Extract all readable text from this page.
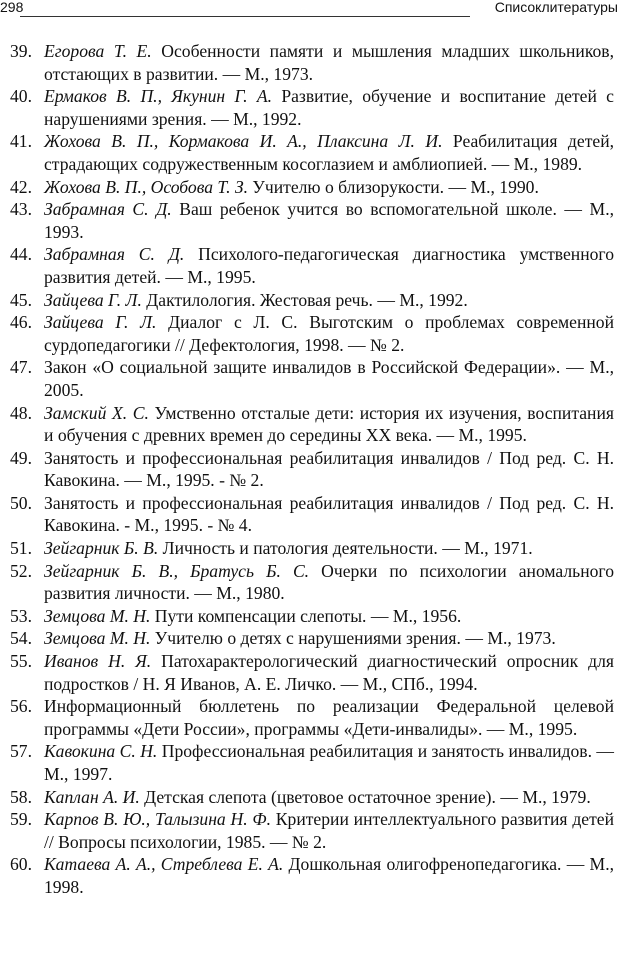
298	Списоклитературы

39. Егорова Т. Е. Особенности памяти и мышления младших школьников, отстающих в развитии. — М., 1973.

40. Ермаков В. П., Якунин Г. А. Развитие, обучение и воспитание детей с нарушениями зрения. — М., 1992.

41. Жохова В. П., Кормакова И. А., Плаксина Л. И. Реабилитация детей, страдающих содружественным косоглазием и амблиопией. — М., 1989.

42. Жохова В. П., Особова Т. З. Учителю о близорукости. — М., 1990.

43. Забрамная С. Д. Ваш ребенок учится во вспомогательной школе. — М., 1993.

44. Забрамная С. Д. Психолого-педагогическая диагностика умственного развития детей. — М., 1995.

45. Зайцева Г. Л. Дактилология. Жестовая речь. — М., 1992.

46. Зайцева Г. Л. Диалог с Л. С. Выготским о проблемах современной сурдопедагогики // Дефектология, 1998. — № 2.

47. Закон «О социальной защите инвалидов в Российской Федерации». — М., 2005.

48. Замский Х. С. Умственно отсталые дети: история их изучения, воспитания и обучения с древних времен до середины XX века. — М., 1995.

49. Занятость и профессиональная реабилитация инвалидов / Под ред. С. Н. Кавокина. — М., 1995. - № 2.

50. Занятость и профессиональная реабилитация инвалидов / Под ред. С. Н. Кавокина. - М., 1995. - № 4.

51. Зейгарник Б. В. Личность и патология деятельности. — М., 1971.

52. Зейгарник Б. В., Братусь Б. С. Очерки по психологии аномального развития личности. — М., 1980.

53. Земцова М. Н. Пути компенсации слепоты. — М., 1956.

54. Земцова М. Н. Учителю о детях с нарушениями зрения. — М., 1973.

55. Иванов Н. Я. Патохарактерологический диагностический опросник для подростков / Н. Я Иванов, А. Е. Личко. — М., СПб., 1994.

56. Информационный бюллетень по реализации Федеральной целевой программы «Дети России», программы «Дети-инвалиды». — М., 1995.

57. Кавокина С. Н. Профессиональная реабилитация и занятость инвалидов. — М., 1997.

58. Каплан А. И. Детская слепота (цветовое остаточное зрение). — М., 1979.

59. Карпов В. Ю., Талызина Н. Ф. Критерии интеллектуального развития детей // Вопросы психологии, 1985. — № 2.

60. Катаева А. А., Стреблева Е. А. Дошкольная олигофренопедагогика. — М., 1998.
